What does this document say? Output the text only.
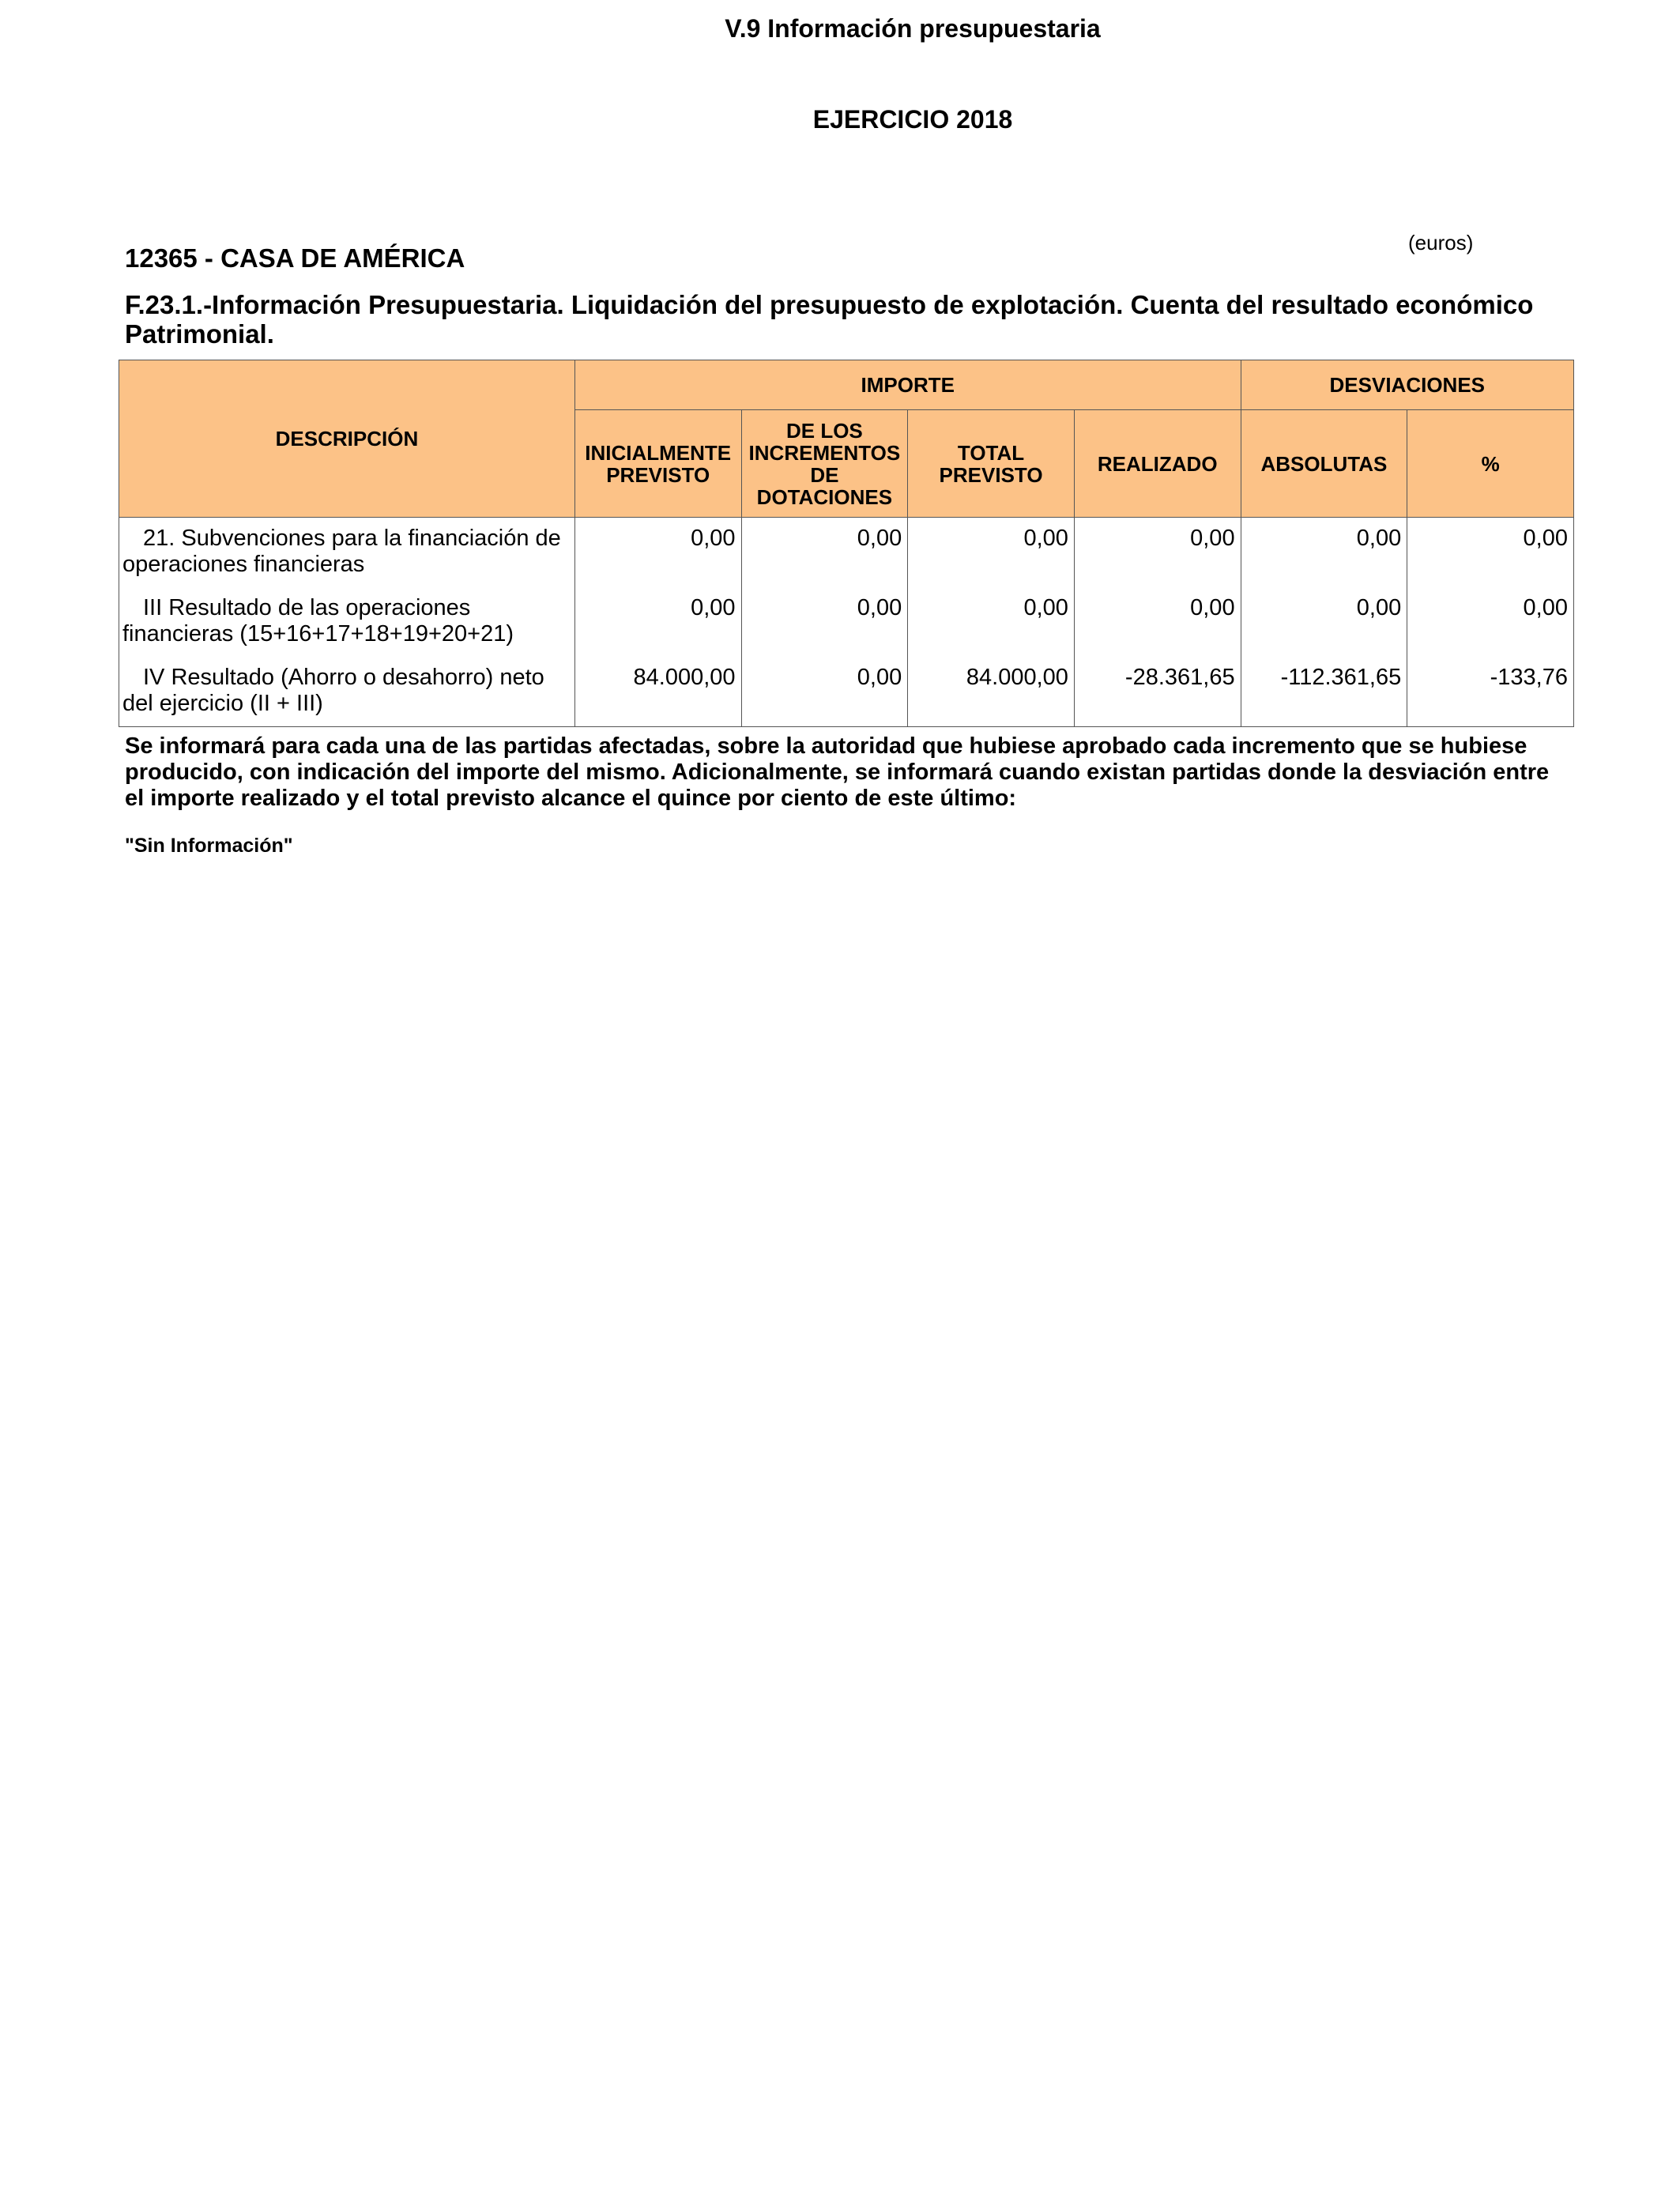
V.9 Información presupuestaria
EJERCICIO 2018
(euros)
12365 - CASA DE AMÉRICA
F.23.1.-Información Presupuestaria. Liquidación del presupuesto de explotación. Cuenta del resultado económico Patrimonial.
DESCRIPCIÓN	IMPORTE				DESVIACIONES	
	INICIALMENTE PREVISTO	DE LOS INCREMENTOS DE DOTACIONES	TOTAL PREVISTO	REALIZADO	ABSOLUTAS	%
21. Subvenciones para la financiación de operaciones financieras	0,00	0,00	0,00	0,00	0,00	0,00
III Resultado de las operaciones financieras (15+16+17+18+19+20+21)	0,00	0,00	0,00	0,00	0,00	0,00
IV Resultado (Ahorro o desahorro) neto del ejercicio (II + III)	84.000,00	0,00	84.000,00	-28.361,65	-112.361,65	-133,76
Se informará para cada una de las partidas afectadas, sobre la autoridad que hubiese aprobado cada incremento que se hubiese producido, con indicación del importe del mismo. Adicionalmente, se informará cuando existan partidas donde la desviación entre el importe realizado y el total previsto alcance el quince por ciento de este último:
"Sin Información"
